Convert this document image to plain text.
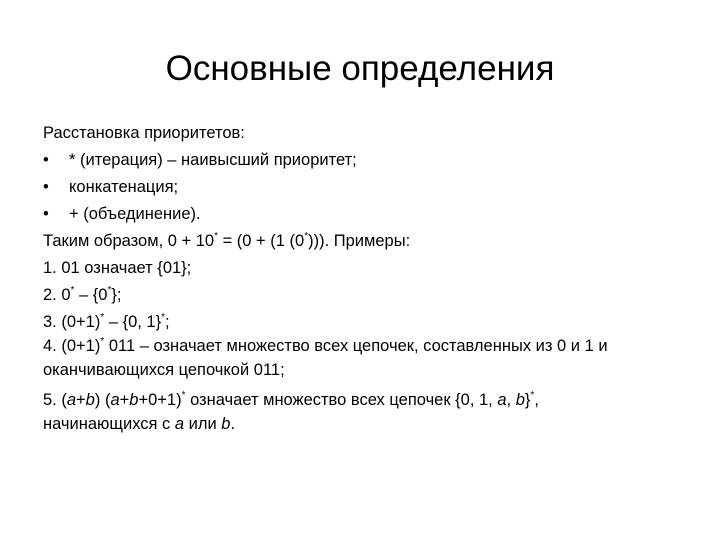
Основные определения
Расстановка приоритетов:
• * (итерация) – наивысший приоритет;
• конкатенация;
• + (объединение).
Таким образом, 0 + 10* = (0 + (1 (0*))). Примеры:
1. 01 означает {01};
2. 0* – {0*};
3. (0+1)* – {0, 1}*;
4. (0+1)* 011 – означает множество всех цепочек, составленных из 0 и 1 и
оканчивающихся цепочкой 011;
5. (a+b) (a+b+0+1)* означает множество всех цепочек {0, 1, a, b}*,
начинающихся с a или b.
